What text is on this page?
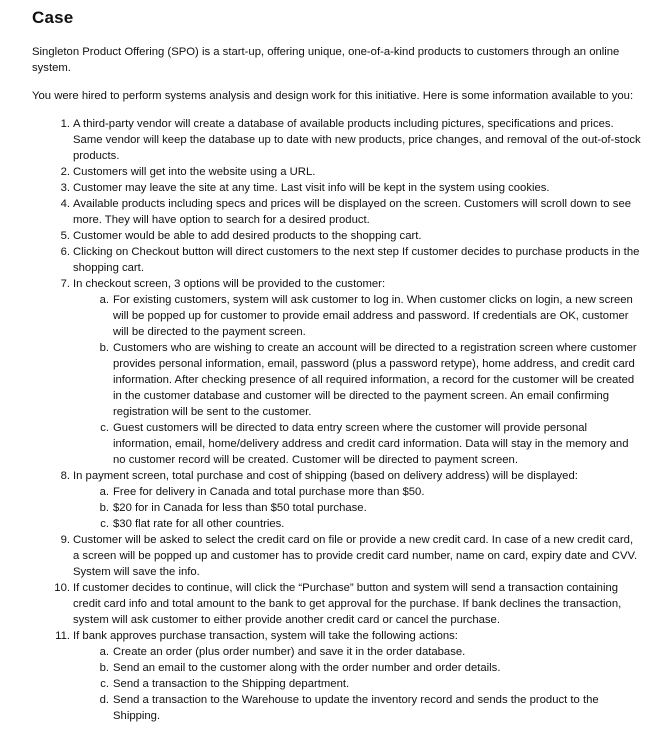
Case

Singleton Product Offering (SPO) is a start-up, offering unique, one-of-a-kind products to customers through an online system.

You were hired to perform systems analysis and design work for this initiative. Here is some information available to you:

1. A third-party vendor will create a database of available products including pictures, specifications and prices. Same vendor will keep the database up to date with new products, price changes, and removal of the out-of-stock products.
2. Customers will get into the website using a URL.
3. Customer may leave the site at any time. Last visit info will be kept in the system using cookies.
4. Available products including specs and prices will be displayed on the screen. Customers will scroll down to see more. They will have option to search for a desired product.
5. Customer would be able to add desired products to the shopping cart.
6. Clicking on Checkout button will direct customers to the next step If customer decides to purchase products in the shopping cart.
7. In checkout screen, 3 options will be provided to the customer:
a. For existing customers, system will ask customer to log in. When customer clicks on login, a new screen will be popped up for customer to provide email address and password. If credentials are OK, customer will be directed to the payment screen.
b. Customers who are wishing to create an account will be directed to a registration screen where customer provides personal information, email, password (plus a password retype), home address, and credit card information. After checking presence of all required information, a record for the customer will be created in the customer database and customer will be directed to the payment screen. An email confirming registration will be sent to the customer.
c. Guest customers will be directed to data entry screen where the customer will provide personal information, email, home/delivery address and credit card information. Data will stay in the memory and no customer record will be created. Customer will be directed to payment screen.
8. In payment screen, total purchase and cost of shipping (based on delivery address) will be displayed:
a. Free for delivery in Canada and total purchase more than $50.
b. $20 for in Canada for less than $50 total purchase.
c. $30 flat rate for all other countries.
9. Customer will be asked to select the credit card on file or provide a new credit card. In case of a new credit card, a screen will be popped up and customer has to provide credit card number, name on card, expiry date and CVV. System will save the info.
10. If customer decides to continue, will click the “Purchase” button and system will send a transaction containing credit card info and total amount to the bank to get approval for the purchase. If bank declines the transaction, system will ask customer to either provide another credit card or cancel the purchase.
11. If bank approves purchase transaction, system will take the following actions:
a. Create an order (plus order number) and save it in the order database.
b. Send an email to the customer along with the order number and order details.
c. Send a transaction to the Shipping department.
d. Send a transaction to the Warehouse to update the inventory record and sends the product to the Shipping.
